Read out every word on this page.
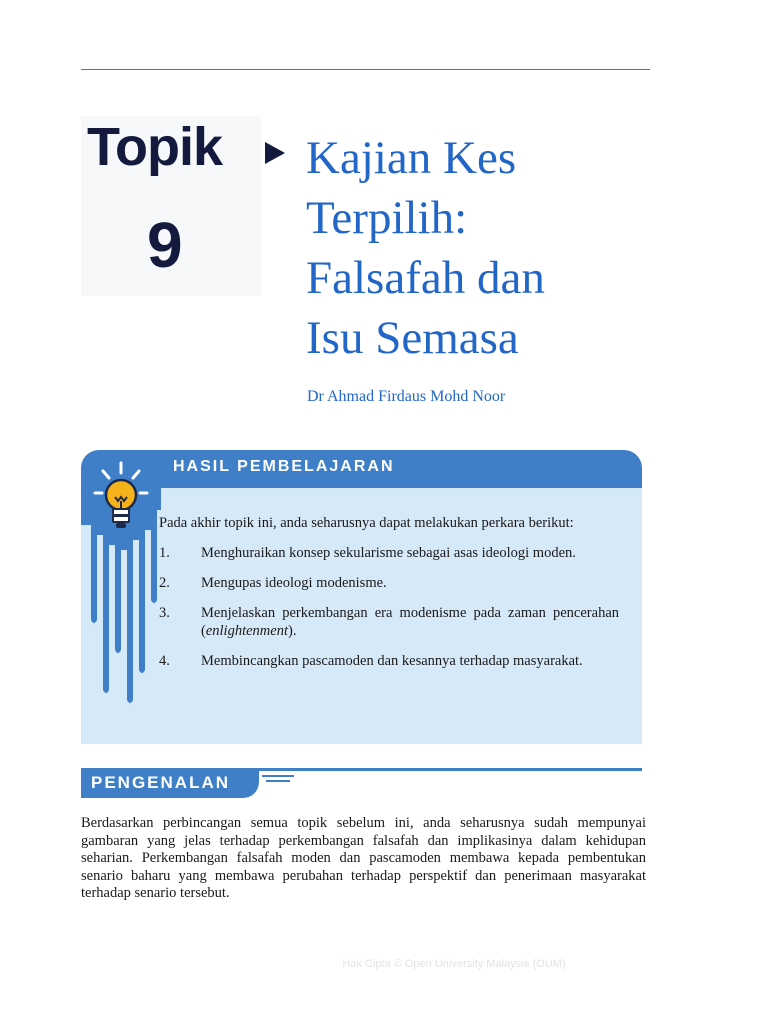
Topik
9
Kajian Kes
Terpilih:
Falsafah dan
Isu Semasa
Dr Ahmad Firdaus Mohd Noor
HASIL PEMBELAJARAN

Pada akhir topik ini, anda seharusnya dapat melakukan perkara berikut:

1.	Menghuraikan konsep sekularisme sebagai asas ideologi moden.
2.	Mengupas ideologi modenisme.
3.	Menjelaskan perkembangan era modenisme pada zaman pencerahan (enlightenment).
4.	Membincangkan pascamoden dan kesannya terhadap masyarakat.
PENGENALAN

Berdasarkan perbincangan semua topik sebelum ini, anda seharusnya sudah mempunyai gambaran yang jelas terhadap perkembangan falsafah dan implikasinya dalam kehidupan seharian. Perkembangan falsafah moden dan pascamoden membawa kepada pembentukan senario baharu yang membawa perubahan terhadap perspektif dan penerimaan masyarakat terhadap senario tersebut.

Hak Cipta © Open University Malaysia (OUM)
